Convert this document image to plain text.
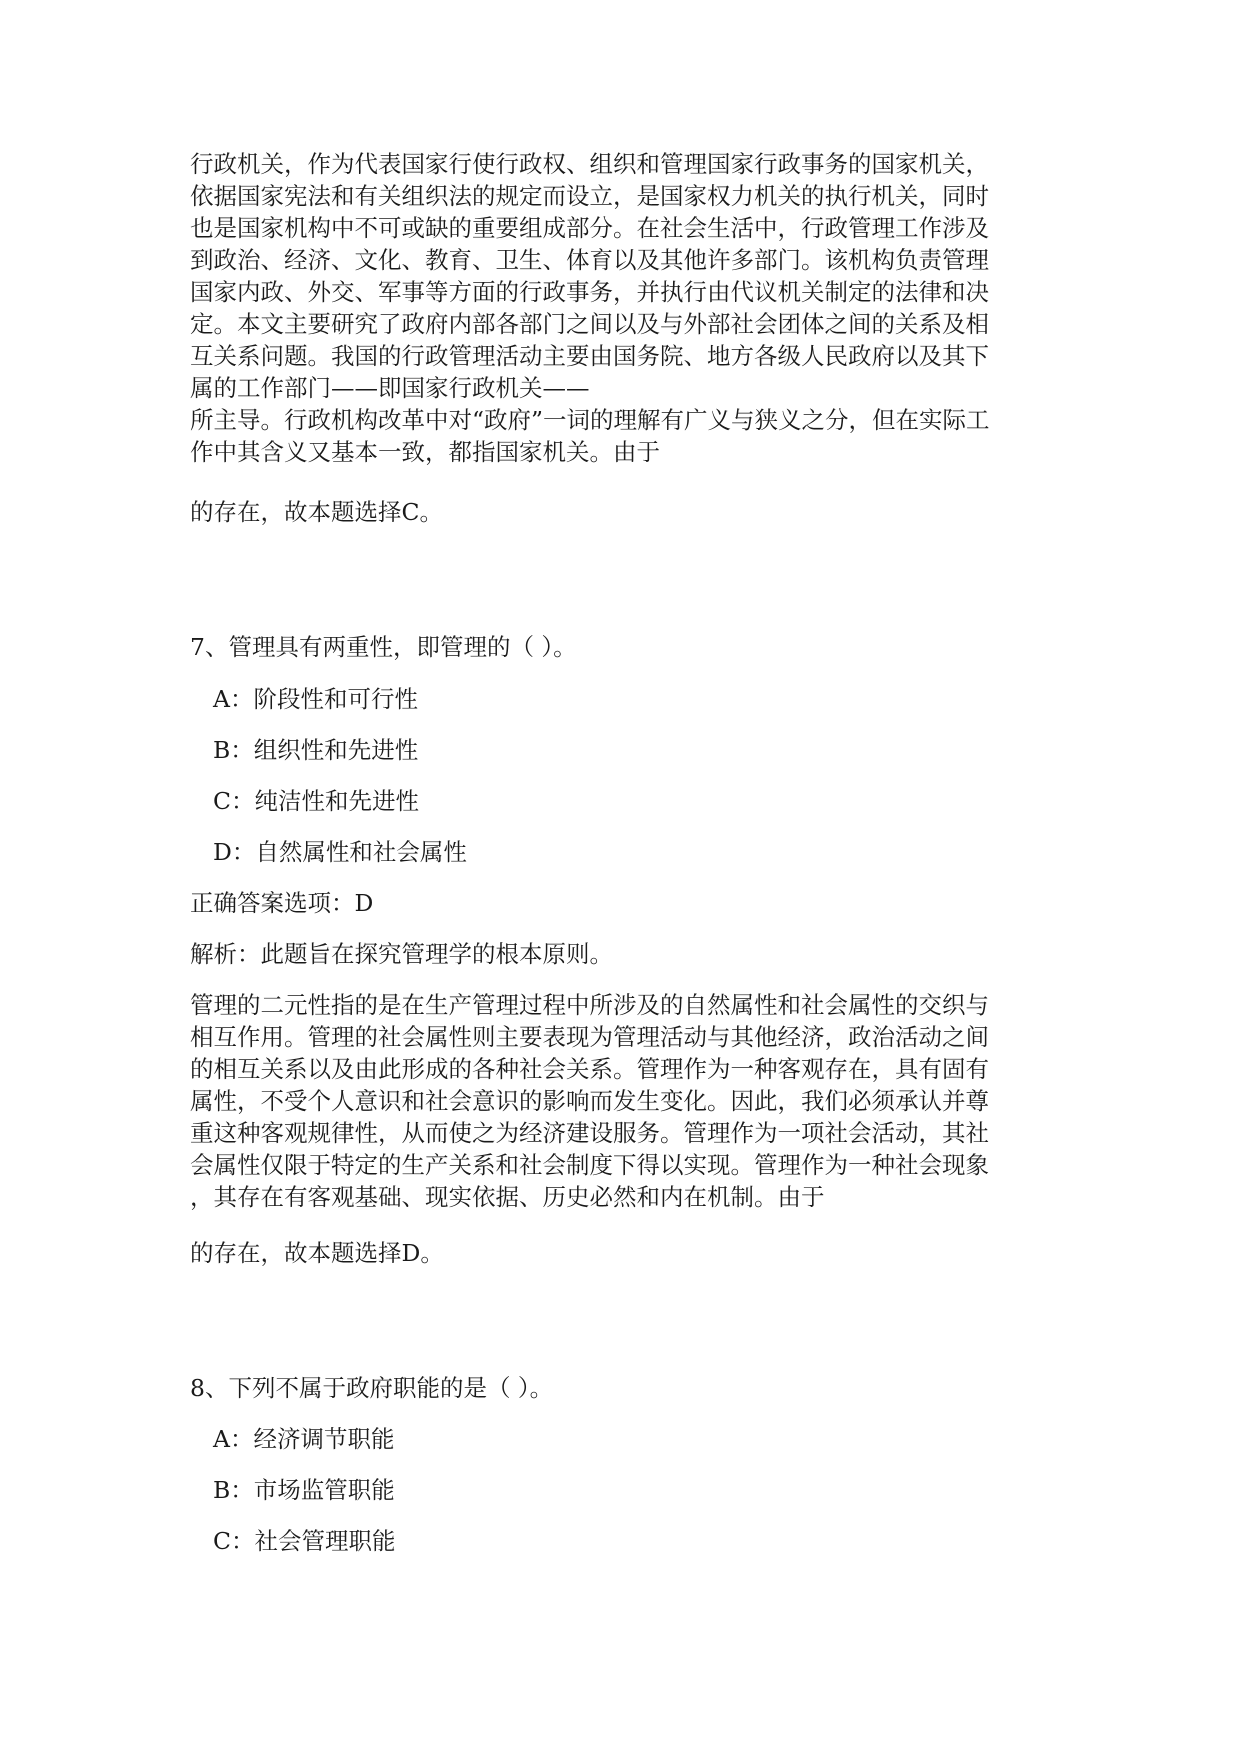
行政机关，作为代表国家行使行政权、组织和管理国家行政事务的国家机关，
依据国家宪法和有关组织法的规定而设立，是国家权力机关的执行机关，同时
也是国家机构中不可或缺的重要组成部分。在社会生活中，行政管理工作涉及
到政治、经济、文化、教育、卫生、体育以及其他许多部门。该机构负责管理
国家内政、外交、军事等方面的行政事务，并执行由代议机关制定的法律和决
定。本文主要研究了政府内部各部门之间以及与外部社会团体之间的关系及相
互关系问题。我国的行政管理活动主要由国务院、地方各级人民政府以及其下
属的工作部门——即国家行政机关——
所主导。行政机构改革中对“政府”一词的理解有广义与狭义之分，但在实际工
作中其含义又基本一致，都指国家机关。由于

的存在，故本题选择C。

7、管理具有两重性，即管理的（ ）。

A：阶段性和可行性

B：组织性和先进性

C：纯洁性和先进性

D：自然属性和社会属性

正确答案选项：D

解析：此题旨在探究管理学的根本原则。

管理的二元性指的是在生产管理过程中所涉及的自然属性和社会属性的交织与
相互作用。管理的社会属性则主要表现为管理活动与其他经济，政治活动之间
的相互关系以及由此形成的各种社会关系。管理作为一种客观存在，具有固有
属性，不受个人意识和社会意识的影响而发生变化。因此，我们必须承认并尊
重这种客观规律性，从而使之为经济建设服务。管理作为一项社会活动，其社
会属性仅限于特定的生产关系和社会制度下得以实现。管理作为一种社会现象
，其存在有客观基础、现实依据、历史必然和内在机制。由于

的存在，故本题选择D。

8、下列不属于政府职能的是（ ）。

A：经济调节职能

B：市场监管职能

C：社会管理职能
